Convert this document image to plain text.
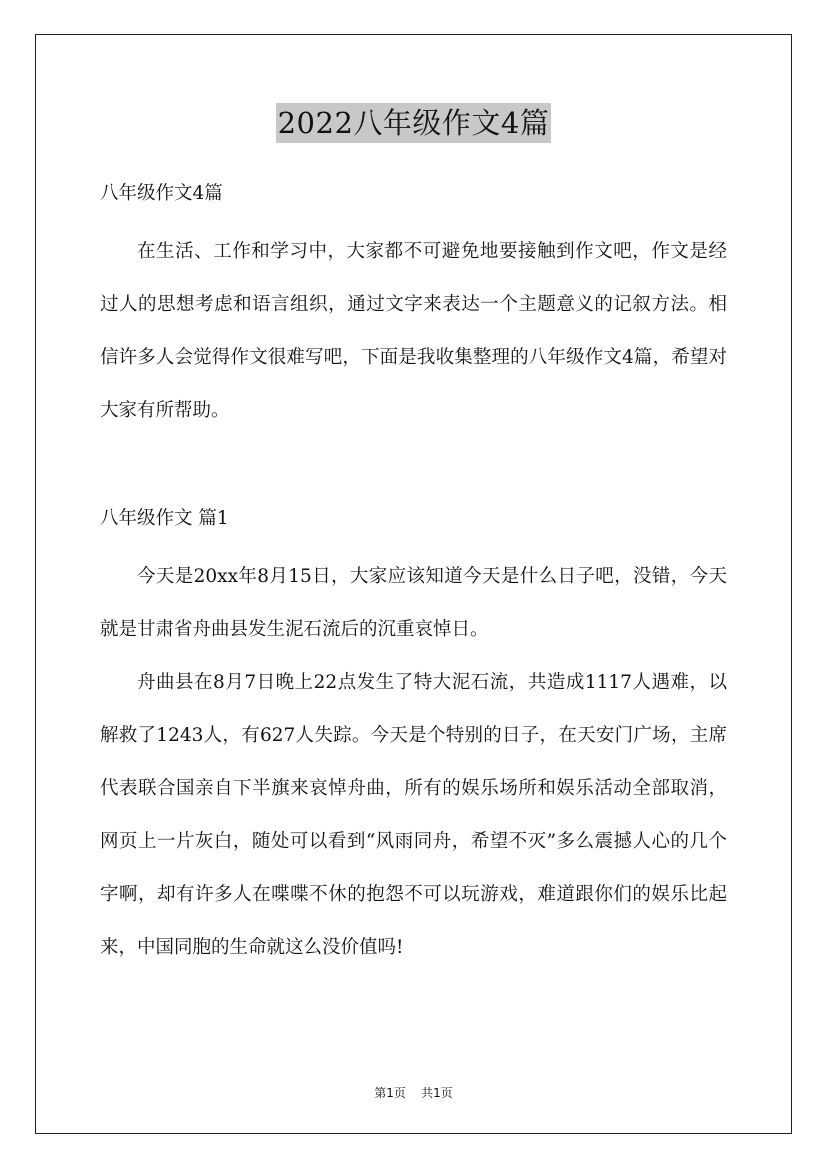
2022八年级作文4篇

八年级作文4篇

在生活、工作和学习中，大家都不可避免地要接触到作文吧，作文是经过人的思想考虑和语言组织，通过文字来表达一个主题意义的记叙方法。相信许多人会觉得作文很难写吧，下面是我收集整理的八年级作文4篇，希望对大家有所帮助。

八年级作文 篇1

今天是20xx年8月15日，大家应该知道今天是什么日子吧，没错，今天就是甘肃省舟曲县发生泥石流后的沉重哀悼日。

舟曲县在8月7日晚上22点发生了特大泥石流，共造成1117人遇难，以解救了1243人，有627人失踪。今天是个特别的日子，在天安门广场，主席代表联合国亲自下半旗来哀悼舟曲，所有的娱乐场所和娱乐活动全部取消，网页上一片灰白，随处可以看到“风雨同舟，希望不灭”多么震撼人心的几个字啊，却有许多人在喋喋不休的抱怨不可以玩游戏，难道跟你们的娱乐比起来，中国同胞的生命就这么没价值吗!

第1页 共1页
